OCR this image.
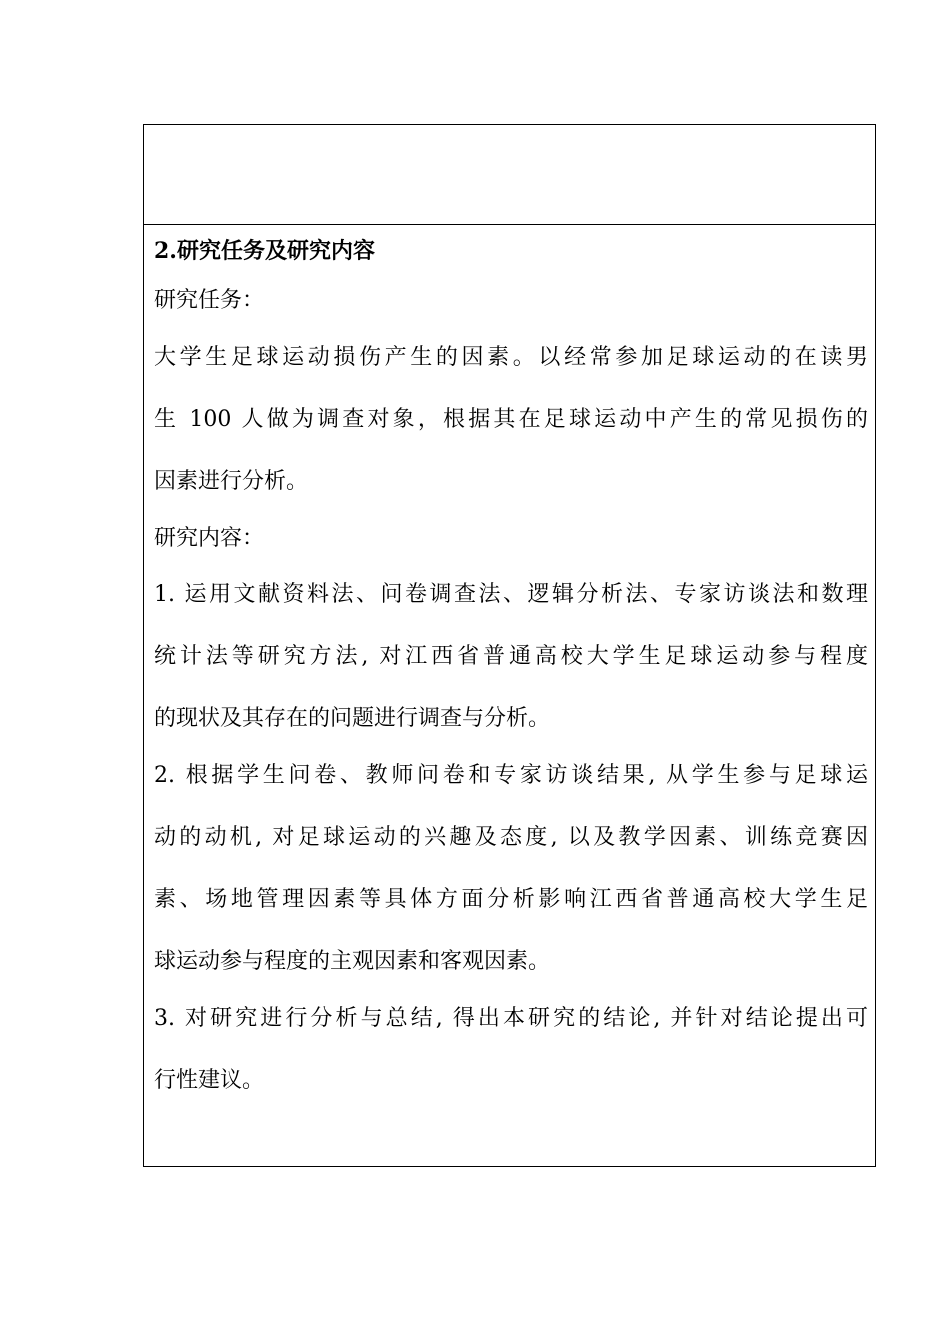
2.研究任务及研究内容
研究任务：
大学生足球运动损伤产生的因素。以经常参加足球运动的在读男
生 100 人做为调查对象，根据其在足球运动中产生的常见损伤的
因素进行分析。
研究内容：
1. 运用文献资料法、问卷调查法、逻辑分析法、专家访谈法和数理
统计法等研究方法, 对江西省普通高校大学生足球运动参与程度
的现状及其存在的问题进行调查与分析。
2. 根据学生问卷、教师问卷和专家访谈结果, 从学生参与足球运
动的动机, 对足球运动的兴趣及态度, 以及教学因素、训练竞赛因
素、场地管理因素等具体方面分析影响江西省普通高校大学生足
球运动参与程度的主观因素和客观因素。
3. 对研究进行分析与总结, 得出本研究的结论, 并针对结论提出可
行性建议。
